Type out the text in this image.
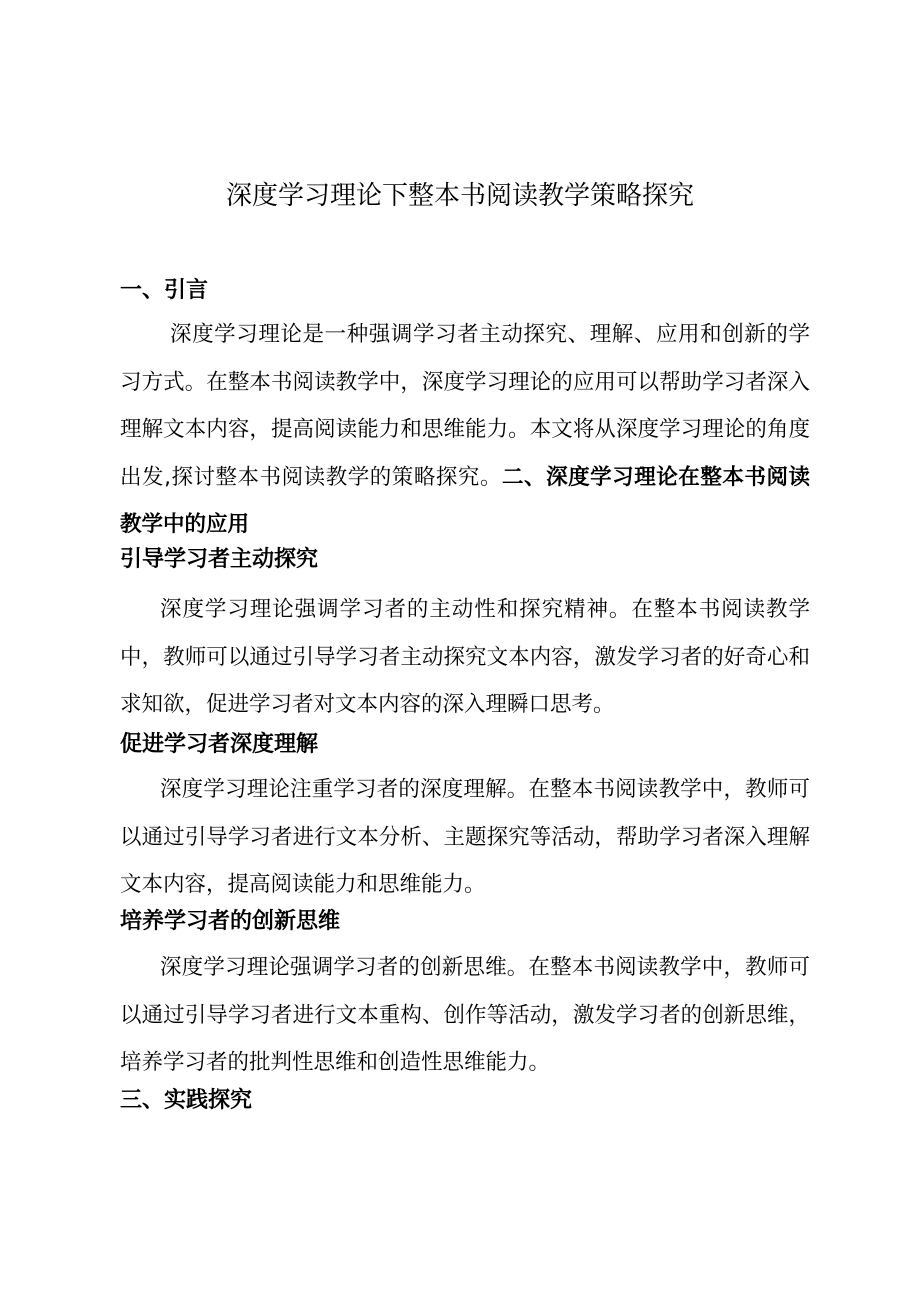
深度学习理论下整本书阅读教学策略探究
一、引言
深度学习理论是一种强调学习者主动探究、理解、应用和创新的学习方式。在整本书阅读教学中，深度学习理论的应用可以帮助学习者深入理解文本内容，提高阅读能力和思维能力。本文将从深度学习理论的角度出发,探讨整本书阅读教学的策略探究。二、深度学习理论在整本书阅读教学中的应用
引导学习者主动探究
深度学习理论强调学习者的主动性和探究精神。在整本书阅读教学中，教师可以通过引导学习者主动探究文本内容，激发学习者的好奇心和求知欲，促进学习者对文本内容的深入理瞬口思考。
促进学习者深度理解
深度学习理论注重学习者的深度理解。在整本书阅读教学中，教师可以通过引导学习者进行文本分析、主题探究等活动，帮助学习者深入理解文本内容，提高阅读能力和思维能力。
培养学习者的创新思维
深度学习理论强调学习者的创新思维。在整本书阅读教学中，教师可以通过引导学习者进行文本重构、创作等活动，激发学习者的创新思维，培养学习者的批判性思维和创造性思维能力。
三、实践探究
